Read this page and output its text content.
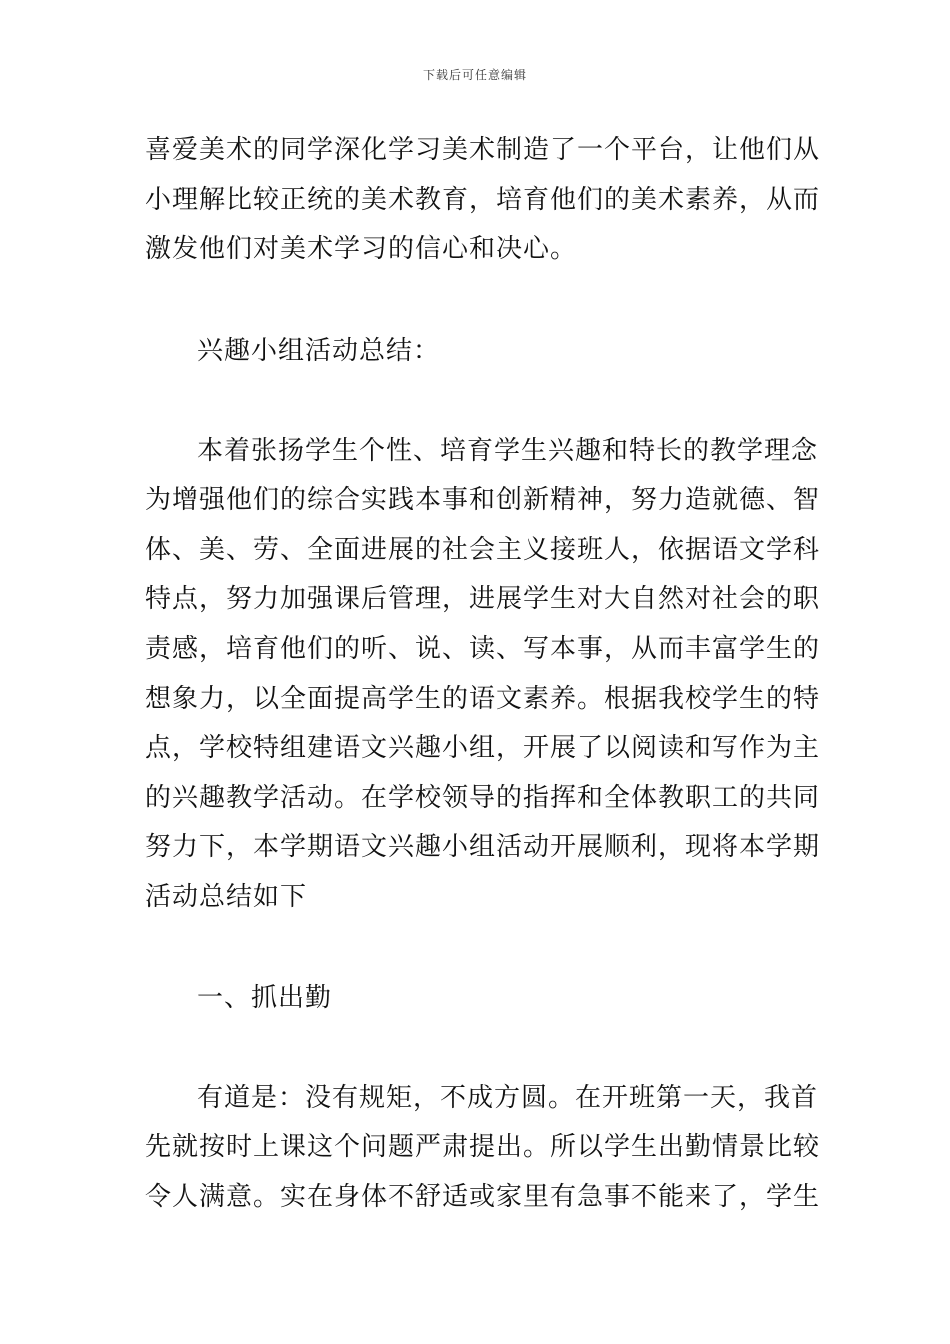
下载后可任意编辑
喜爱美术的同学深化学习美术制造了一个平台，让他们从
小理解比较正统的美术教育，培育他们的美术素养，从而
激发他们对美术学习的信心和决心。
兴趣小组活动总结：
本着张扬学生个性、培育学生兴趣和特长的教学理念
为增强他们的综合实践本事和创新精神，努力造就德、智
体、美、劳、全面进展的社会主义接班人，依据语文学科
特点，努力加强课后管理，进展学生对大自然对社会的职
责感，培育他们的听、说、读、写本事，从而丰富学生的
想象力，以全面提高学生的语文素养。根据我校学生的特
点，学校特组建语文兴趣小组，开展了以阅读和写作为主
的兴趣教学活动。在学校领导的指挥和全体教职工的共同
努力下，本学期语文兴趣小组活动开展顺利，现将本学期
活动总结如下
一、抓出勤
有道是：没有规矩，不成方圆。在开班第一天，我首
先就按时上课这个问题严肃提出。所以学生出勤情景比较
令人满意。实在身体不舒适或家里有急事不能来了，学生
